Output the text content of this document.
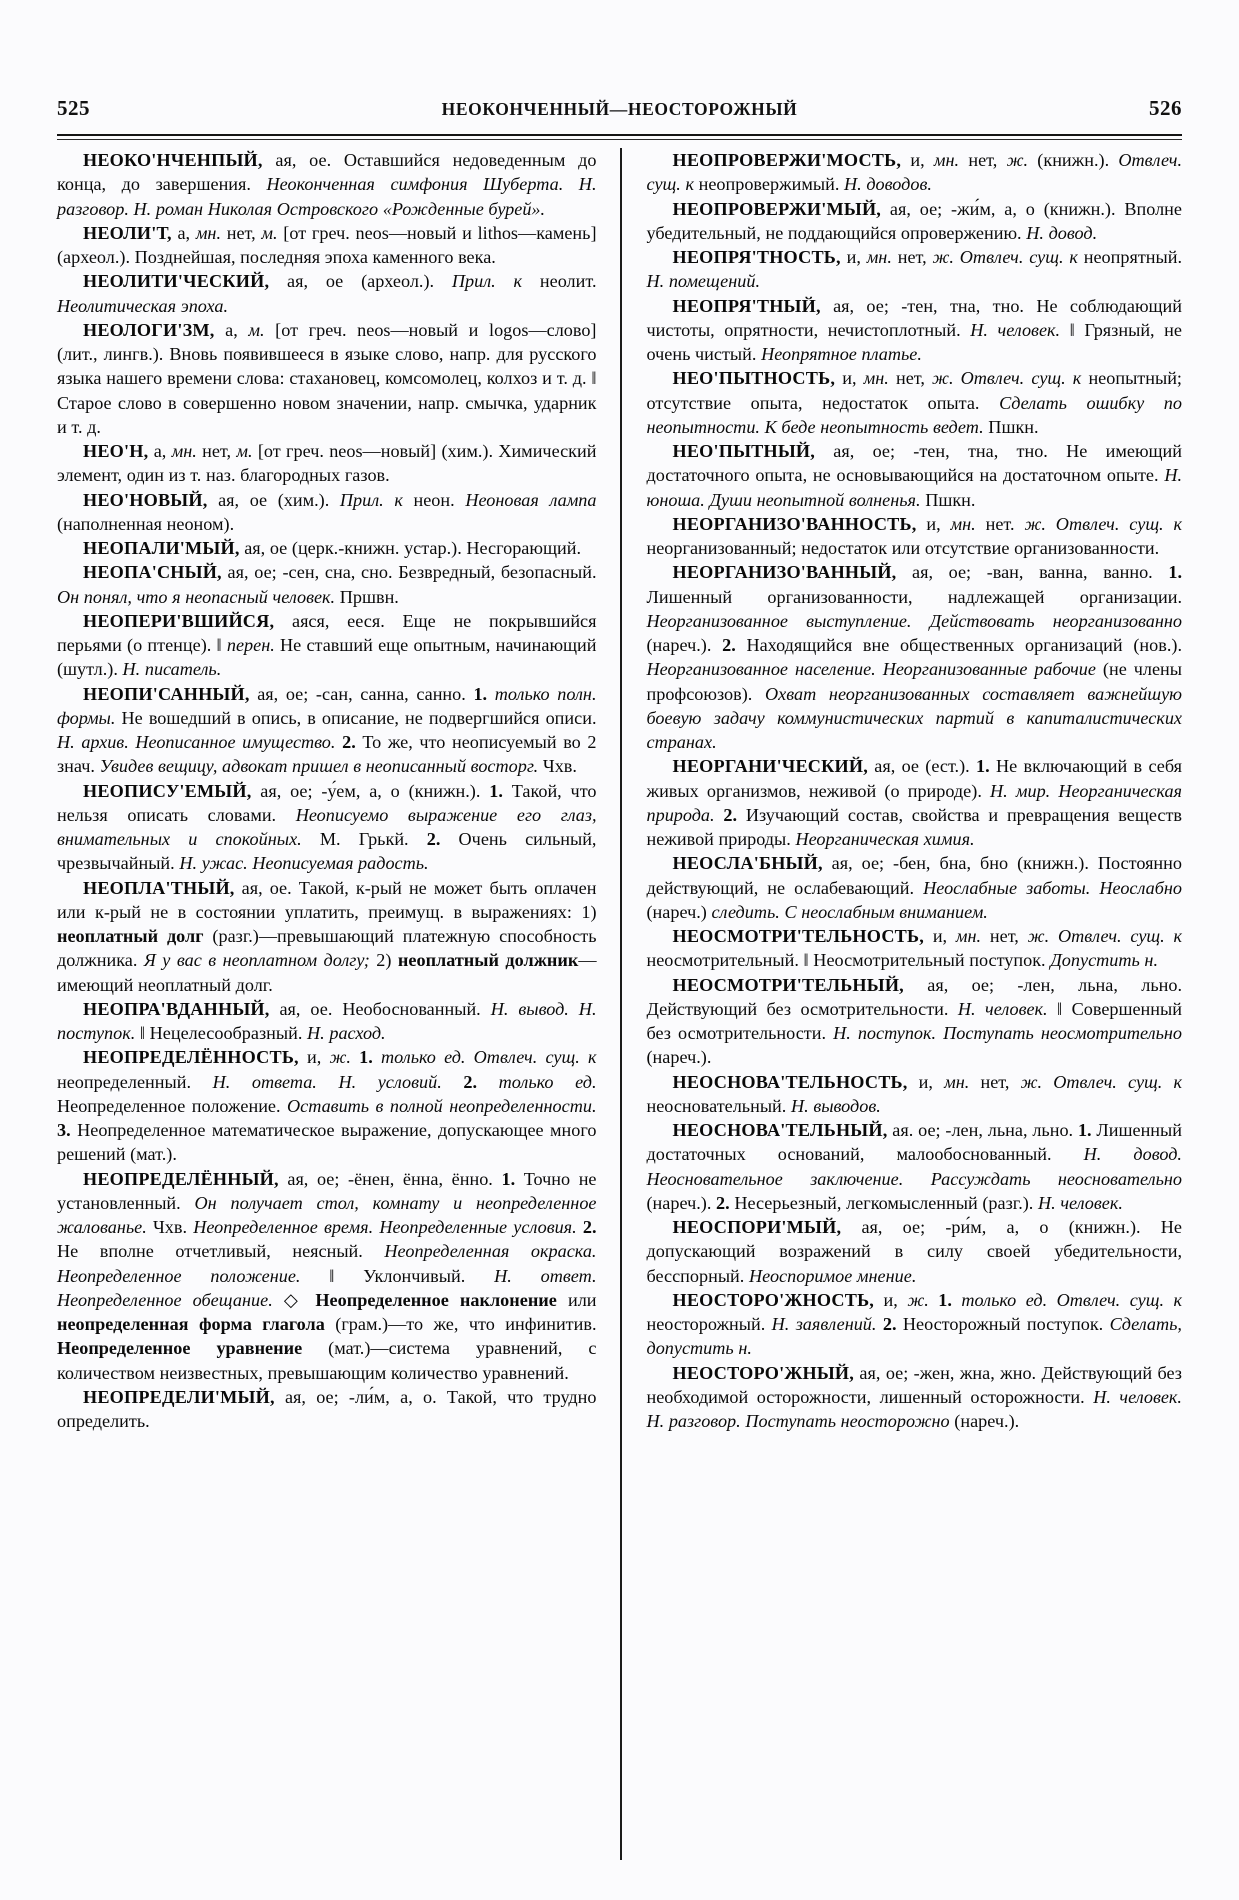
525	НЕОКОНЧЕННЫЙ—НЕОСТОРОЖНЫЙ	526

НЕОКО'НЧЕНПЫЙ, ая, ое. Оставшийся недоведенным до конца, до завершения. Неоконченная симфония Шуберта. Н. разговор. Н. роман Николая Островского «Рожденные бурей».

НЕОЛИ'Т, а, мн. нет, м. [от греч. neos—новый и lithos—камень] (археол.). Позднейшая, последняя эпоха каменного века.

НЕОЛИТИ'ЧЕСКИЙ, ая, ое (археол.). Прил. к неолит. Неолитическая эпоха.

НЕОЛОГИ'ЗМ, а, м. [от греч. neos—новый и logos—слово] (лит., лингв.). Вновь появившееся в языке слово, напр. для русского языка нашего времени слова: стахановец, комсомолец, колхоз и т. д. ‖ Старое слово в совершенно новом значении, напр. смычка, ударник и т. д.

НЕО'Н, а, мн. нет, м. [от греч. neos—новый] (хим.). Химический элемент, один из т. наз. благородных газов.

НЕО'НОВЫЙ, ая, ое (хим.). Прил. к неон. Неоновая лампа (наполненная неоном).

НЕОПАЛИ'МЫЙ, ая, ое (церк.-книжн. устар.). Несгорающий.

НЕОПА'СНЫЙ, ая, ое; -сен, сна, сно. Безвредный, безопасный. Он понял, что я неопасный человек. Пршвн.

НЕОПЕРИ'ВШИЙСЯ, аяся, ееся. Еще не покрывшийся перьями (о птенце). ‖ перен. Не ставший еще опытным, начинающий (шутл.). Н. писатель.

НЕОПИ'САННЫЙ, ая, ое; -сан, санна, санно. 1. только полн. формы. Не вошедший в опись, в описание, не подвергшийся описи. Н. архив. Неописанное имущество. 2. То же, что неописуемый во 2 знач. Увидев вещицу, адвокат пришел в неописанный восторг. Чхв.

НЕОПИСУ'ЕМЫЙ, ая, ое; -у́ем, а, о (книжн.). 1. Такой, что нельзя описать словами. Неописуемо выражение его глаз, внимательных и спокойных. М. Грькй. 2. Очень сильный, чрезвычайный. Н. ужас. Неописуемая радость.

НЕОПЛА'ТНЫЙ, ая, ое. Такой, к-рый не может быть оплачен или к-рый не в состоянии уплатить, преимущ. в выражениях: 1) неоплатный долг (разг.)—превышающий платежную способность должника. Я у вас в неоплатном долгу; 2) неоплатный должник—имеющий неоплатный долг.

НЕОПРА'ВДАННЫЙ, ая, ое. Необоснованный. Н. вывод. Н. поступок. ‖ Нецелесообразный. Н. расход.

НЕОПРЕДЕЛЁННОСТЬ, и, ж. 1. только ед. Отвлеч. сущ. к неопределенный. Н. ответа. Н. условий. 2. только ед. Неопределенное положение. Оставить в полной неопределенности. 3. Неопределенное математическое выражение, допускающее много решений (мат.).

НЕОПРЕДЕЛЁННЫЙ, ая, ое; -ёнен, ённа, ённо. 1. Точно не установленный. Он получает стол, комнату и неопределенное жалованье. Чхв. Неопределенное время. Неопределенные условия. 2. Не вполне отчетливый, неясный. Неопределенная окраска. Неопределенное положение. ‖ Уклончивый. Н. ответ. Неопределенное обещание. ◇ Неопределенное наклонение или неопределенная форма глагола (грам.)—то же, что инфинитив. Неопределенное уравнение (мат.)—система уравнений, с количеством неизвестных, превышающим количество уравнений.

НЕОПРЕДЕЛИ'МЫЙ, ая, ое; -ли́м, а, о. Такой, что трудно определить.

НЕОПРОВЕРЖИ'МОСТЬ, и, мн. нет, ж. (книжн.). Отвлеч. сущ. к неопровержимый. Н. доводов.

НЕОПРОВЕРЖИ'МЫЙ, ая, ое; -жи́м, а, о (книжн.). Вполне убедительный, не поддающийся опровержению. Н. довод.

НЕОПРЯ'ТНОСТЬ, и, мн. нет, ж. Отвлеч. сущ. к неопрятный. Н. помещений.

НЕОПРЯ'ТНЫЙ, ая, ое; -тен, тна, тно. Не соблюдающий чистоты, опрятности, нечистоплотный. Н. человек. ‖ Грязный, не очень чистый. Неопрятное платье.

НЕО'ПЫТНОСТЬ, и, мн. нет, ж. Отвлеч. сущ. к неопытный; отсутствие опыта, недостаток опыта. Сделать ошибку по неопытности. К беде неопытность ведет. Пшкн.

НЕО'ПЫТНЫЙ, ая, ое; -тен, тна, тно. Не имеющий достаточного опыта, не основывающийся на достаточном опыте. Н. юноша. Души неопытной волненья. Пшкн.

НЕОРГАНИЗО'ВАННОСТЬ, и, мн. нет. ж. Отвлеч. сущ. к неорганизованный; недостаток или отсутствие организованности.

НЕОРГАНИЗО'ВАННЫЙ, ая, ое; -ван, ванна, ванно. 1. Лишенный организованности, надлежащей организации. Неорганизованное выступление. Действовать неорганизованно (нареч.). 2. Находящийся вне общественных организаций (нов.). Неорганизованное население. Неорганизованные рабочие (не члены профсоюзов). Охват неорганизованных составляет важнейшую боевую задачу коммунистических партий в капиталистических странах.

НЕОРГАНИ'ЧЕСКИЙ, ая, ое (ест.). 1. Не включающий в себя живых организмов, неживой (о природе). Н. мир. Неорганическая природа. 2. Изучающий состав, свойства и превращения веществ неживой природы. Неорганическая химия.

НЕОСЛА'БНЫЙ, ая, ое; -бен, бна, бно (книжн.). Постоянно действующий, не ослабевающий. Неослабные заботы. Неослабно (нареч.) следить. С неослабным вниманием.

НЕОСМОТРИ'ТЕЛЬНОСТЬ, и, мн. нет, ж. Отвлеч. сущ. к неосмотрительный. ‖ Неосмотрительный поступок. Допустить н.

НЕОСМОТРИ'ТЕЛЬНЫЙ, ая, ое; -лен, льна, льно. Действующий без осмотрительности. Н. человек. ‖ Совершенный без осмотрительности. Н. поступок. Поступать неосмотрительно (нареч.).

НЕОСНОВА'ТЕЛЬНОСТЬ, и, мн. нет, ж. Отвлеч. сущ. к неосновательный. Н. выводов.

НЕОСНОВА'ТЕЛЬНЫЙ, ая. ое; -лен, льна, льно. 1. Лишенный достаточных оснований, малообоснованный. Н. довод. Неосновательное заключение. Рассуждать неосновательно (нареч.). 2. Несерьезный, легкомысленный (разг.). Н. человек.

НЕОСПОРИ'МЫЙ, ая, ое; -ри́м, а, о (книжн.). Не допускающий возражений в силу своей убедительности, бесспорный. Неоспоримое мнение.

НЕОСТОРО'ЖНОСТЬ, и, ж. 1. только ед. Отвлеч. сущ. к неосторожный. Н. заявлений. 2. Неосторожный поступок. Сделать, допустить н.

НЕОСТОРО'ЖНЫЙ, ая, ое; -жен, жна, жно. Действующий без необходимой осторожности, лишенный осторожности. Н. человек. Н. разговор. Поступать неосторожно (нареч.).
